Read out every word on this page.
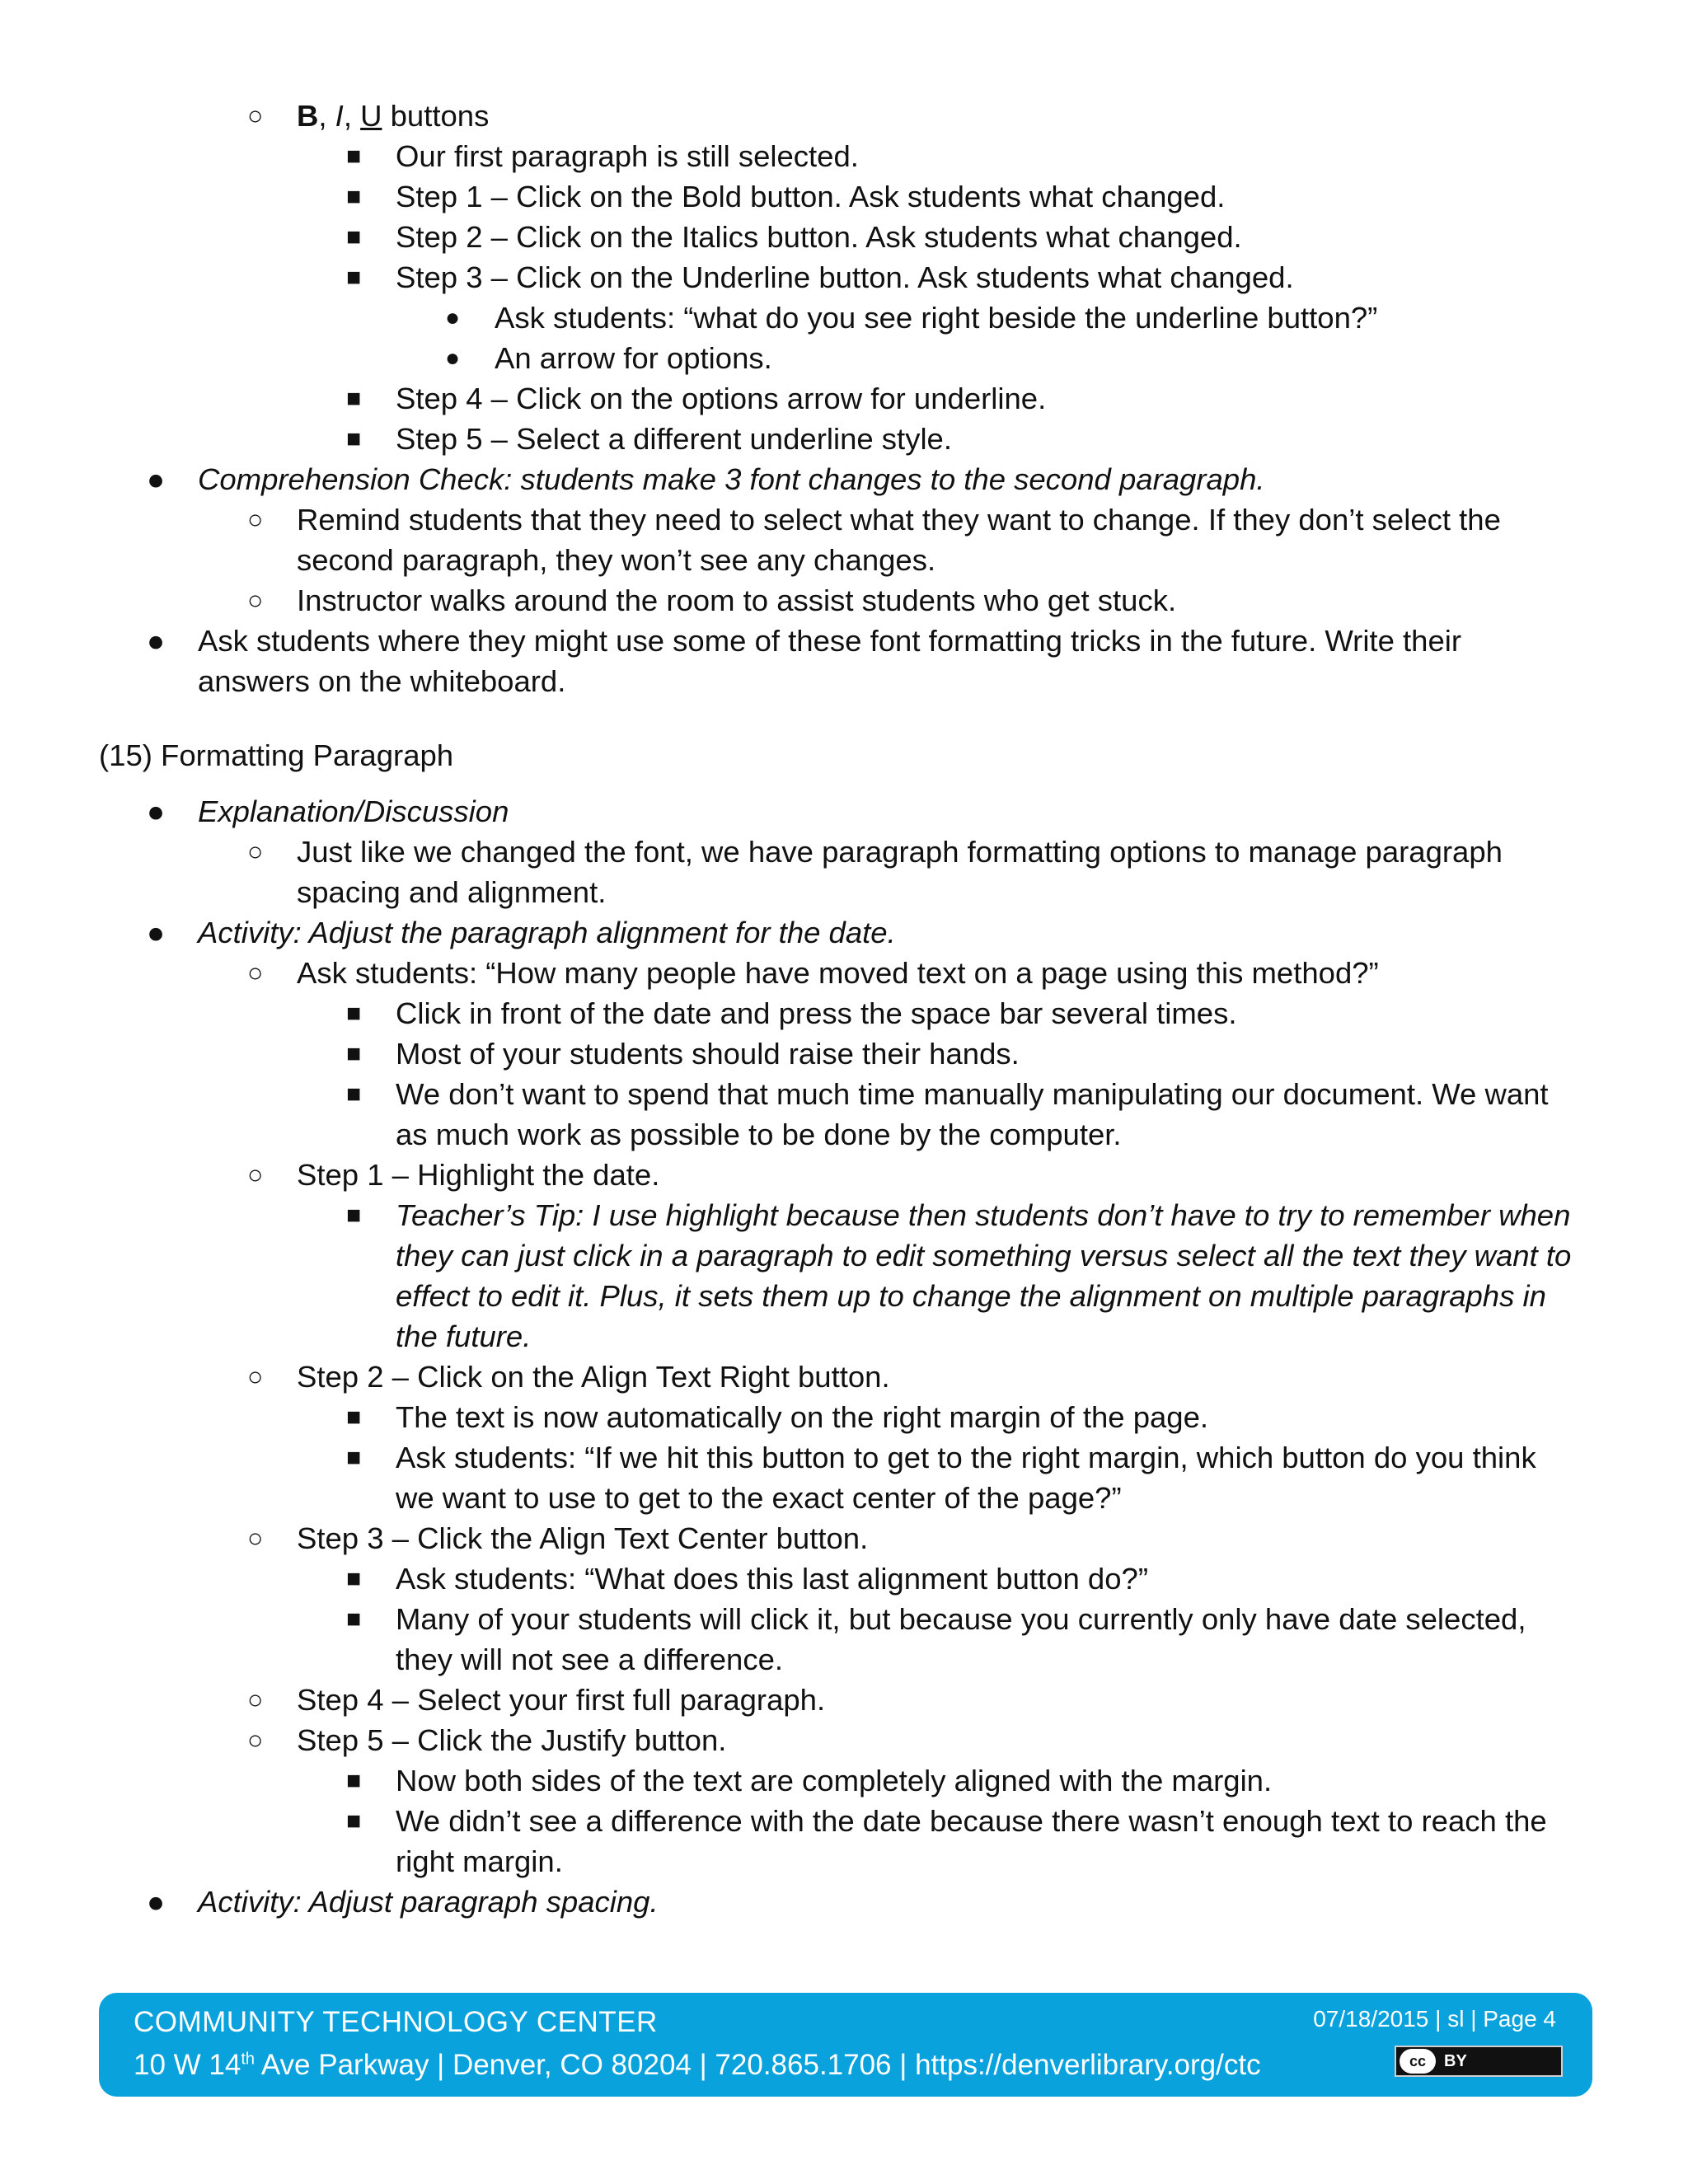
○ B, I, U buttons
■ Our first paragraph is still selected.
■ Step 1 – Click on the Bold button. Ask students what changed.
■ Step 2 – Click on the Italics button. Ask students what changed.
■ Step 3 – Click on the Underline button. Ask students what changed.
● Ask students: “what do you see right beside the underline button?”
● An arrow for options.
■ Step 4 – Click on the options arrow for underline.
■ Step 5 – Select a different underline style.
● Comprehension Check: students make 3 font changes to the second paragraph.
○ Remind students that they need to select what they want to change. If they don’t select the
second paragraph, they won’t see any changes.
○ Instructor walks around the room to assist students who get stuck.
● Ask students where they might use some of these font formatting tricks in the future. Write their
answers on the whiteboard.
(15) Formatting Paragraph
● Explanation/Discussion
○ Just like we changed the font, we have paragraph formatting options to manage paragraph
spacing and alignment.
● Activity: Adjust the paragraph alignment for the date.
○ Ask students: “How many people have moved text on a page using this method?”
■ Click in front of the date and press the space bar several times.
■ Most of your students should raise their hands.
■ We don’t want to spend that much time manually manipulating our document. We want
as much work as possible to be done by the computer.
○ Step 1 – Highlight the date.
■ Teacher’s Tip: I use highlight because then students don’t have to try to remember when
they can just click in a paragraph to edit something versus select all the text they want to
effect to edit it. Plus, it sets them up to change the alignment on multiple paragraphs in
the future.
○ Step 2 – Click on the Align Text Right button.
■ The text is now automatically on the right margin of the page.
■ Ask students: “If we hit this button to get to the right margin, which button do you think
we want to use to get to the exact center of the page?”
○ Step 3 – Click the Align Text Center button.
■ Ask students: “What does this last alignment button do?”
■ Many of your students will click it, but because you currently only have date selected,
they will not see a difference.
○ Step 4 – Select your first full paragraph.
○ Step 5 – Click the Justify button.
■ Now both sides of the text are completely aligned with the margin.
■ We didn’t see a difference with the date because there wasn’t enough text to reach the
right margin.
● Activity: Adjust paragraph spacing.
COMMUNITY TECHNOLOGY CENTER
10 W 14th Ave Parkway | Denver, CO 80204 | 720.865.1706 | https://denverlibrary.org/ctc
07/18/2015 | sl | Page 4
cc	BY
